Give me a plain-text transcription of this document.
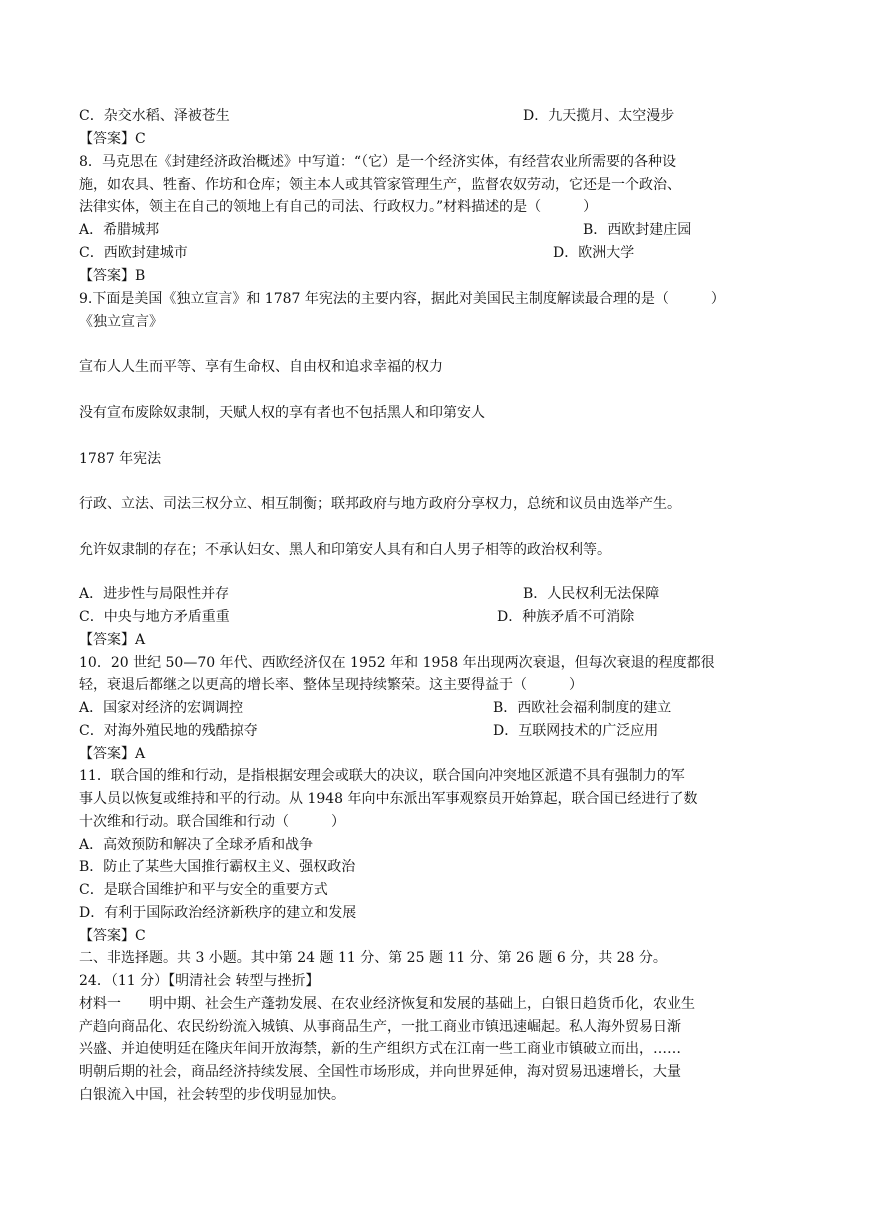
C．杂交水稻、泽被苍生	D．九天揽月、太空漫步
【答案】C
8．马克思在《封建经济政治概述》中写道：“（它）是一个经济实体，有经营农业所需要的各种设
施，如农具、牲畜、作坊和仓库；领主本人或其管家管理生产，监督农奴劳动，它还是一个政治、
法律实体，领主在自己的领地上有自己的司法、行政权力。”材料描述的是（　　　）
A．希腊城邦	B．西欧封建庄园
C．西欧封建城市	D．欧洲大学
【答案】B
9.下面是美国《独立宣言》和 1787 年宪法的主要内容，据此对美国民主制度解读最合理的是（　　　）
《独立宣言》
宣布人人生而平等、享有生命权、自由权和追求幸福的权力
没有宣布废除奴隶制，天赋人权的享有者也不包括黑人和印第安人
1787 年宪法
行政、立法、司法三权分立、相互制衡；联邦政府与地方政府分享权力，总统和议员由选举产生。
允许奴隶制的存在；不承认妇女、黑人和印第安人具有和白人男子相等的政治权利等。
A．进步性与局限性并存	B．人民权利无法保障
C．中央与地方矛盾重重	D．种族矛盾不可消除
【答案】A
10．20 世纪 50—70 年代、西欧经济仅在 1952 年和 1958 年出现两次衰退，但每次衰退的程度都很
轻，衰退后都继之以更高的增长率、整体呈现持续繁荣。这主要得益于（　　　）
A．国家对经济的宏调调控	B．西欧社会福利制度的建立
C．对海外殖民地的残酷掠夺	D．互联网技术的广泛应用
【答案】A
11．联合国的维和行动，是指根据安理会或联大的决议，联合国向冲突地区派遣不具有强制力的军
事人员以恢复或维持和平的行动。从 1948 年向中东派出军事观察员开始算起，联合国已经进行了数
十次维和行动。联合国维和行动（　　　）
A．高效预防和解决了全球矛盾和战争
B．防止了某些大国推行霸权主义、强权政治
C．是联合国维护和平与安全的重要方式
D．有利于国际政治经济新秩序的建立和发展
【答案】C
二、非选择题。共 3 小题。其中第 24 题 11 分、第 25 题 11 分、第 26 题 6 分，共 28 分。
24．（11 分）【明清社会 转型与挫折】
材料一　　明中期、社会生产蓬勃发展、在农业经济恢复和发展的基础上，白银日趋货币化，农业生
产趋向商品化、农民纷纷流入城镇、从事商品生产，一批工商业市镇迅速崛起。私人海外贸易日渐
兴盛、并迫使明廷在隆庆年间开放海禁，新的生产组织方式在江南一些工商业市镇破立而出，……
明朝后期的社会，商品经济持续发展、全国性市场形成，并向世界延伸，海对贸易迅速增长，大量
白银流入中国，社会转型的步伐明显加快。
